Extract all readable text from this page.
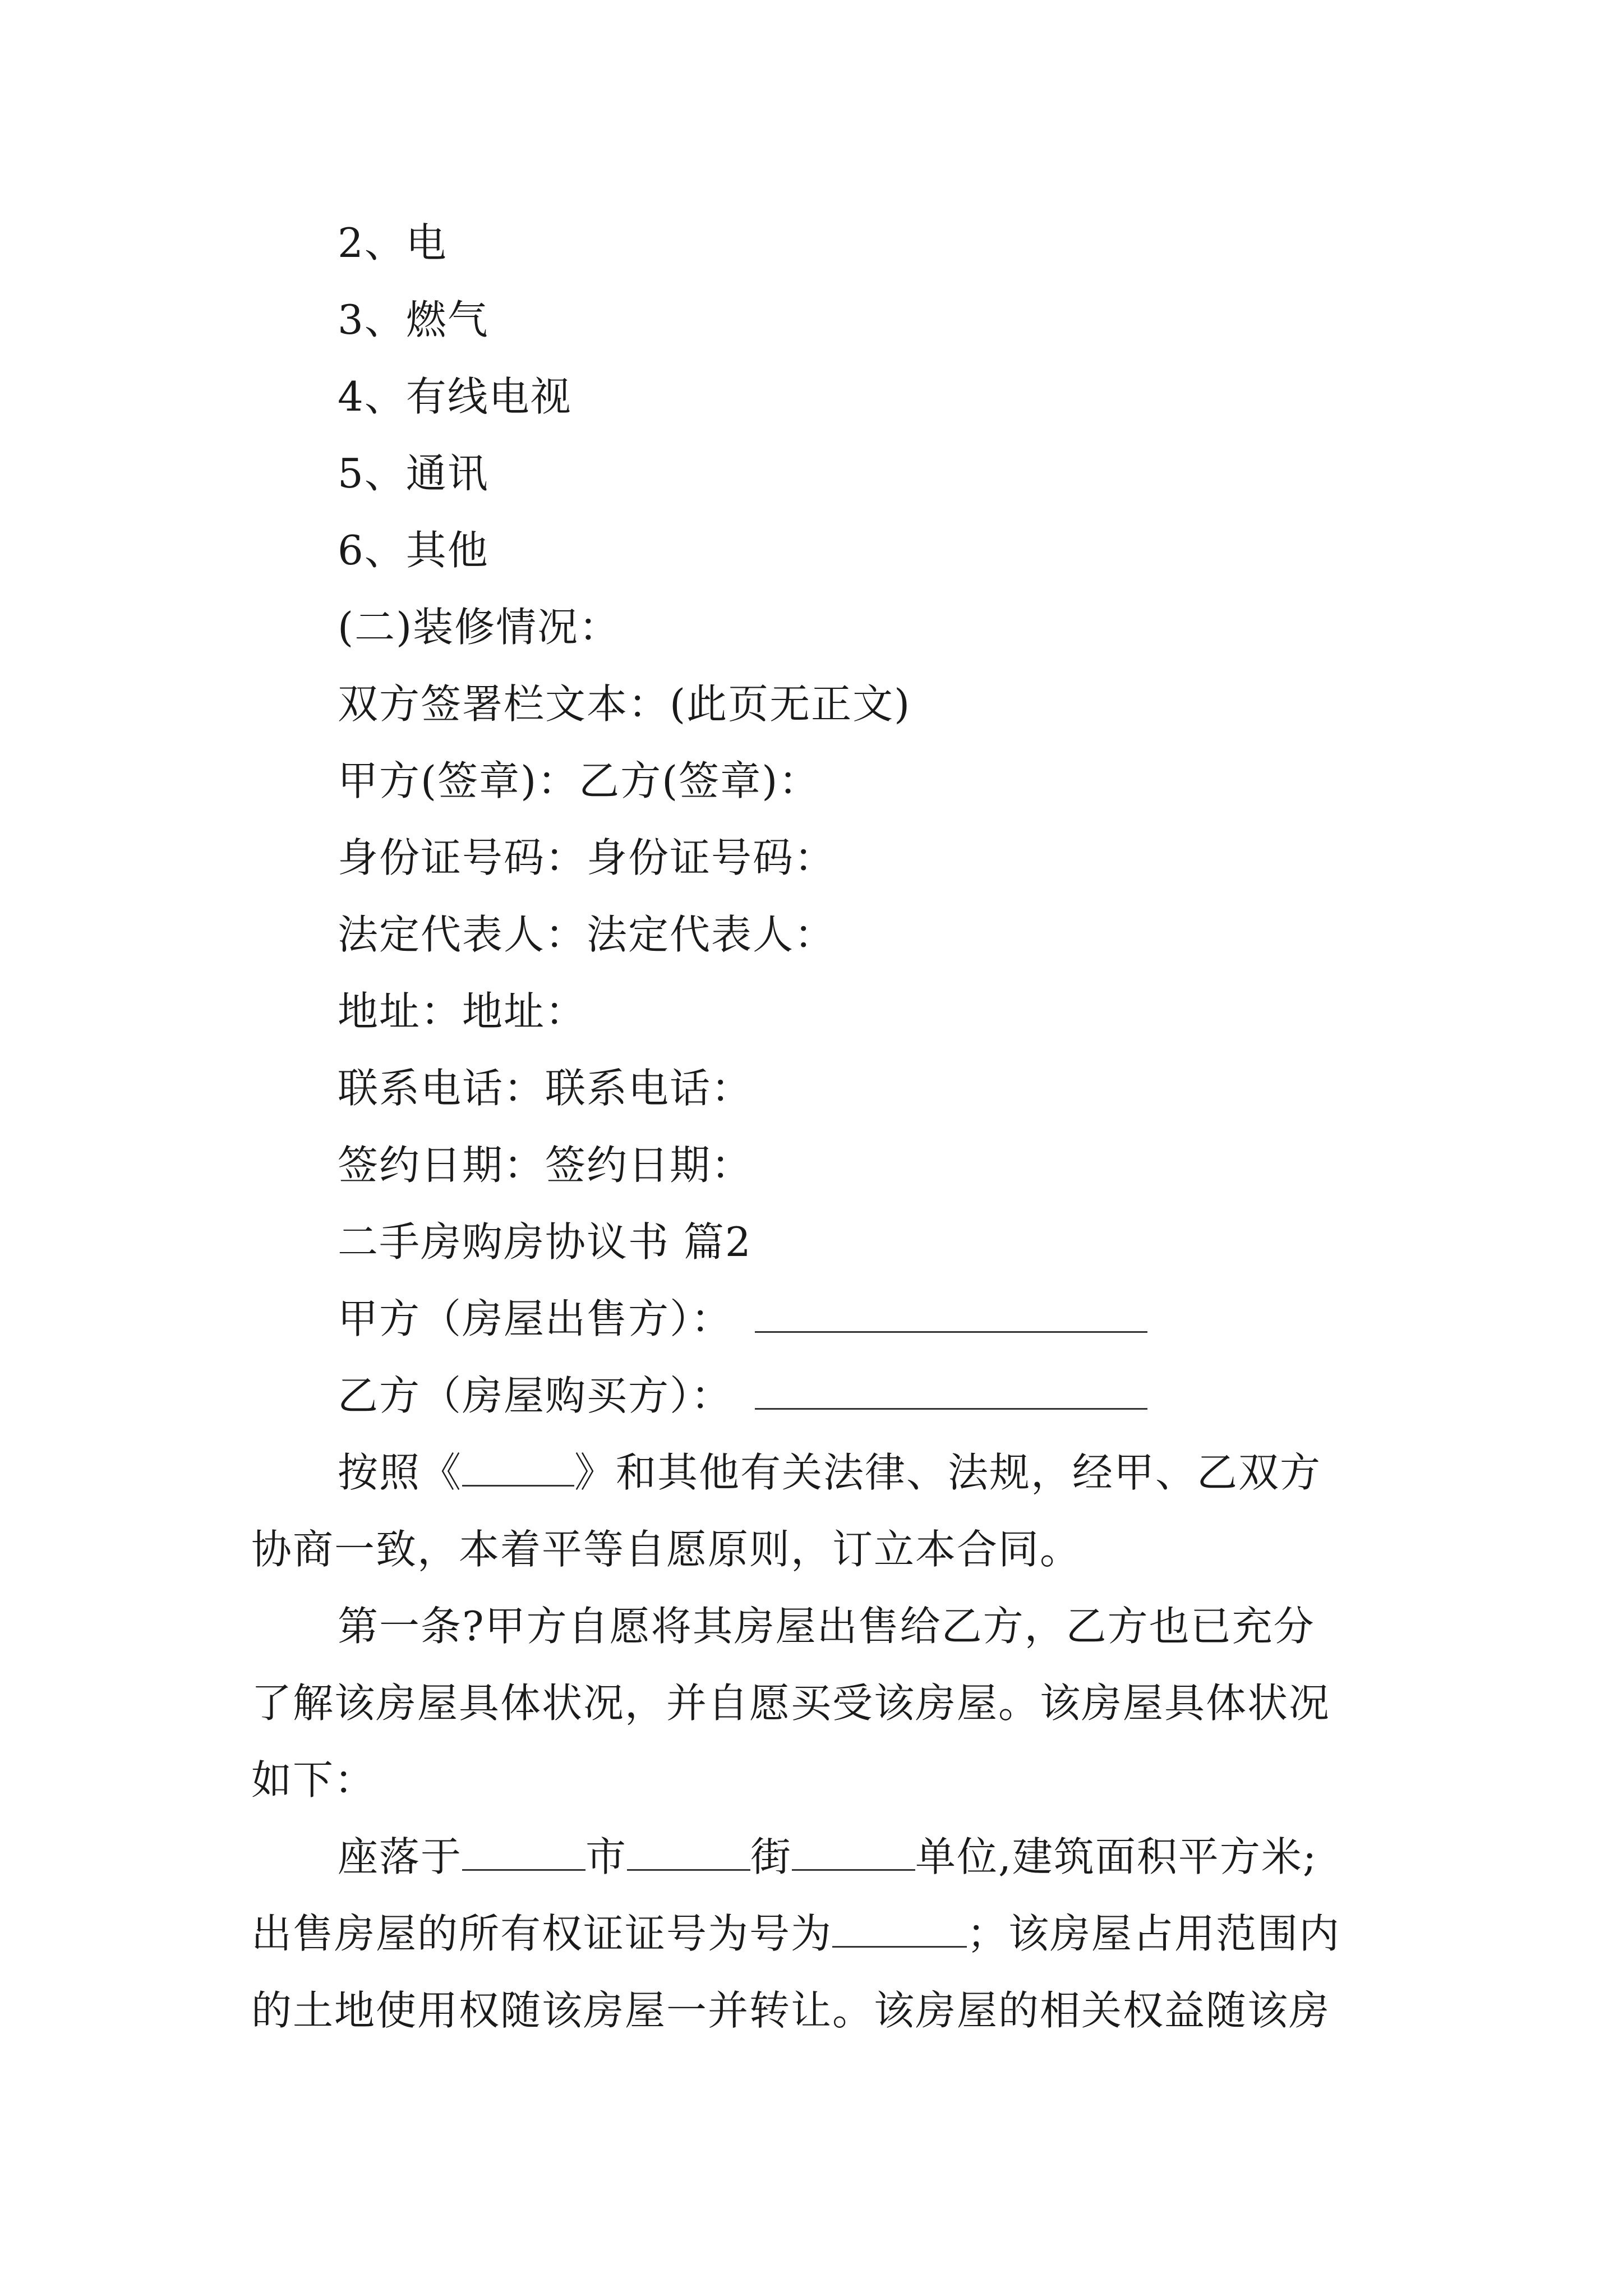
2、电
3、燃气
4、有线电视
5、通讯
6、其他
(二)装修情况：
双方签署栏文本：(此页无正文)
甲方(签章)：乙方(签章)：
身份证号码：身份证号码：
法定代表人：法定代表人：
地址：地址：
联系电话：联系电话：
签约日期：签约日期：
二手房购房协议书 篇2
甲方（房屋出售方）：
乙方（房屋购买方）：
按照《	》和其他有关法律、法规，经甲、乙双方
协商一致，本着平等自愿原则，订立本合同。
第一条?甲方自愿将其房屋出售给乙方，乙方也已充分
了解该房屋具体状况，并自愿买受该房屋。该房屋具体状况
如下：
座落于	市	街	单位,建筑面积平方米;
出售房屋的所有权证证号为号为	；该房屋占用范围内
的土地使用权随该房屋一并转让。该房屋的相关权益随该房
